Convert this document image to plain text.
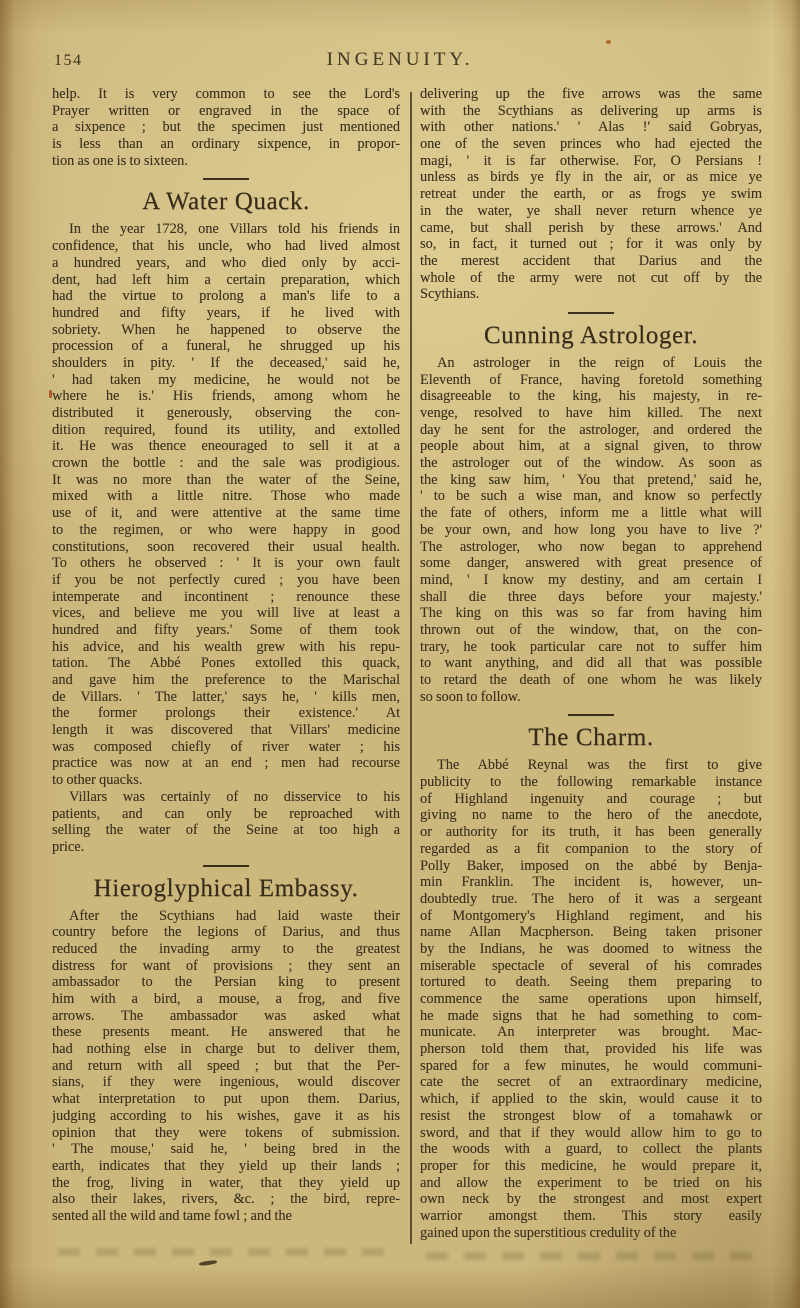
154	INGENUITY.
help. It is very common to see the Lord's
Prayer written or engraved in the space of
a sixpence ; but the specimen just mentioned
is less than an ordinary sixpence, in propor-
tion as one is to sixteen.
A Water Quack.
In the year 1728, one Villars told his friends in
confidence, that his uncle, who had lived almost
a hundred years, and who died only by acci-
dent, had left him a certain preparation, which
had the virtue to prolong a man's life to a
hundred and fifty years, if he lived with
sobriety. When he happened to observe the
procession of a funeral, he shrugged up his
shoulders in pity. ' If the deceased,' said he,
' had taken my medicine, he would not be
where he is.' His friends, among whom he
distributed it generously, observing the con-
dition required, found its utility, and extolled
it. He was thence eneouraged to sell it at a
crown the bottle : and the sale was prodigious.
It was no more than the water of the Seine,
mixed with a little nitre. Those who made
use of it, and were attentive at the same time
to the regimen, or who were happy in good
constitutions, soon recovered their usual health.
To others he observed : ' It is your own fault
if you be not perfectly cured ; you have been
intemperate and incontinent ; renounce these
vices, and believe me you will live at least a
hundred and fifty years.' Some of them took
his advice, and his wealth grew with his repu-
tation. The Abbé Pones extolled this quack,
and gave him the preference to the Marischal
de Villars. ' The latter,' says he, ' kills men,
the former prolongs their existence.' At
length it was discovered that Villars' medicine
was composed chiefly of river water ; his
practice was now at an end ; men had recourse
to other quacks.
Villars was certainly of no disservice to his
patients, and can only be reproached with
selling the water of the Seine at too high a
price.
Hieroglyphical Embassy.
After the Scythians had laid waste their
country before the legions of Darius, and thus
reduced the invading army to the greatest
distress for want of provisions ; they sent an
ambassador to the Persian king to present
him with a bird, a mouse, a frog, and five
arrows. The ambassador was asked what
these presents meant. He answered that he
had nothing else in charge but to deliver them,
and return with all speed ; but that the Per-
sians, if they were ingenious, would discover
what interpretation to put upon them. Darius,
judging according to his wishes, gave it as his
opinion that they were tokens of submission.
' The mouse,' said he, ' being bred in the
earth, indicates that they yield up their lands ;
the frog, living in water, that they yield up
also their lakes, rivers, &c. ; the bird, repre-
sented all the wild and tame fowl ; and the
delivering up the five arrows was the same
with the Scythians as delivering up arms is
with other nations.' ' Alas !' said Gobryas,
one of the seven princes who had ejected the
magi, ' it is far otherwise. For, O Persians !
unless as birds ye fly in the air, or as mice ye
retreat under the earth, or as frogs ye swim
in the water, ye shall never return whence ye
came, but shall perish by these arrows.' And
so, in fact, it turned out ; for it was only by
the merest accident that Darius and the
whole of the army were not cut off by the
Scythians.
Cunning Astrologer.
An astrologer in the reign of Louis the
Eleventh of France, having foretold something
disagreeable to the king, his majesty, in re-
venge, resolved to have him killed. The next
day he sent for the astrologer, and ordered the
people about him, at a signal given, to throw
the astrologer out of the window. As soon as
the king saw him, ' You that pretend,' said he,
' to be such a wise man, and know so perfectly
the fate of others, inform me a little what will
be your own, and how long you have to live ?'
The astrologer, who now began to apprehend
some danger, answered with great presence of
mind, ' I know my destiny, and am certain I
shall die three days before your majesty.'
The king on this was so far from having him
thrown out of the window, that, on the con-
trary, he took particular care not to suffer him
to want anything, and did all that was possible
to retard the death of one whom he was likely
so soon to follow.
The Charm.
The Abbé Reynal was the first to give
publicity to the following remarkable instance
of Highland ingenuity and courage ; but
giving no name to the hero of the anecdote,
or authority for its truth, it has been generally
regarded as a fit companion to the story of
Polly Baker, imposed on the abbé by Benja-
min Franklin. The incident is, however, un-
doubtedly true. The hero of it was a sergeant
of Montgomery's Highland regiment, and his
name Allan Macpherson. Being taken prisoner
by the Indians, he was doomed to witness the
miserable spectacle of several of his comrades
tortured to death. Seeing them preparing to
commence the same operations upon himself,
he made signs that he had something to com-
municate. An interpreter was brought. Mac-
pherson told them that, provided his life was
spared for a few minutes, he would communi-
cate the secret of an extraordinary medicine,
which, if applied to the skin, would cause it to
resist the strongest blow of a tomahawk or
sword, and that if they would allow him to go to
the woods with a guard, to collect the plants
proper for this medicine, he would prepare it,
and allow the experiment to be tried on his
own neck by the strongest and most expert
warrior amongst them. This story easily
gained upon the superstitious credulity of the
